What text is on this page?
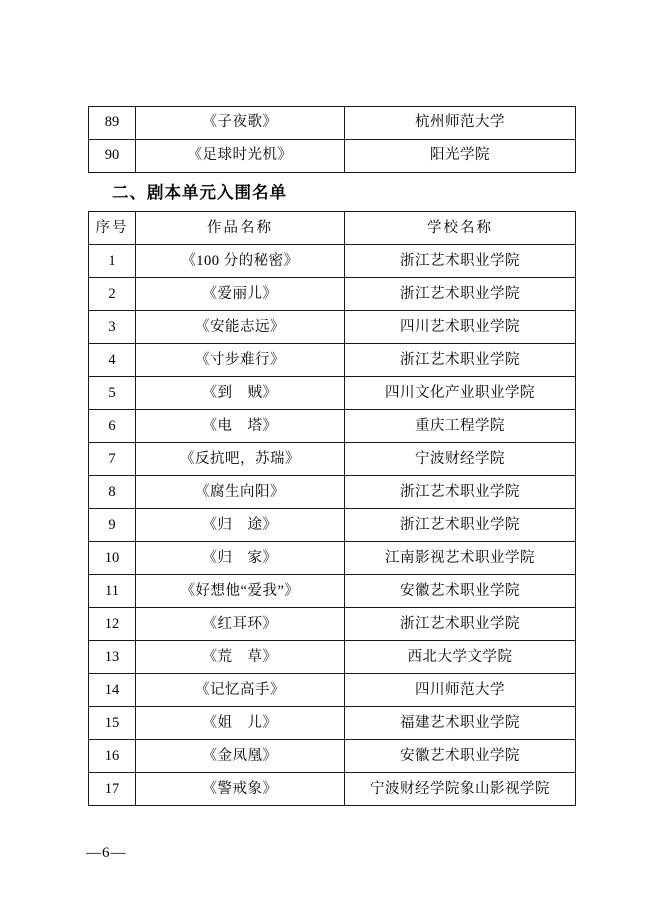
89	《子夜歌》	杭州师范大学
90	《足球时光机》	阳光学院
二、剧本单元入围名单
序号	作品名称	学校名称
1	《100 分的秘密》	浙江艺术职业学院
2	《爱丽儿》	浙江艺术职业学院
3	《安能志远》	四川艺术职业学院
4	《寸步难行》	浙江艺术职业学院
5	《到　贼》	四川文化产业职业学院
6	《电　塔》	重庆工程学院
7	《反抗吧，苏瑞》	宁波财经学院
8	《腐生向阳》	浙江艺术职业学院
9	《归　途》	浙江艺术职业学院
10	《归　家》	江南影视艺术职业学院
11	《好想他“爱我”》	安徽艺术职业学院
12	《红耳环》	浙江艺术职业学院
13	《荒　草》	西北大学文学院
14	《记忆高手》	四川师范大学
15	《姐　儿》	福建艺术职业学院
16	《金凤凰》	安徽艺术职业学院
17	《警戒象》	宁波财经学院象山影视学院
—6—
